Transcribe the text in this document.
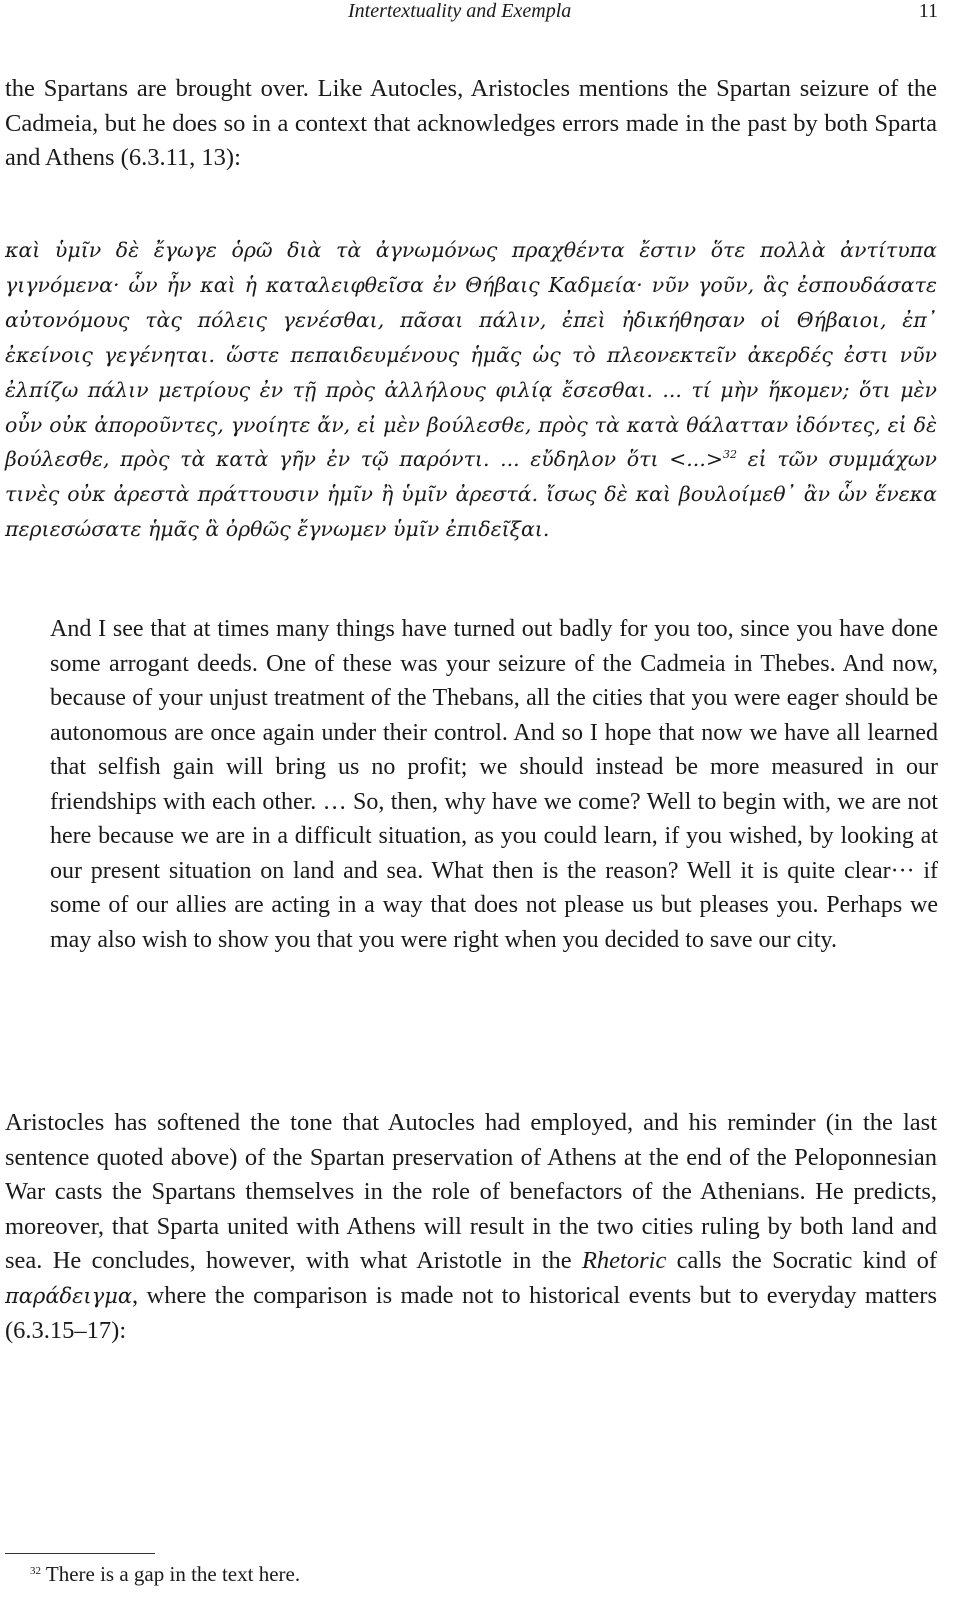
Intertextuality and Exempla	11

the Spartans are brought over. Like Autocles, Aristocles mentions the Spartan seizure of the Cadmeia, but he does so in a context that acknowledges errors made in the past by both Sparta and Athens (6.3.11, 13):

καὶ ὑμῖν δὲ ἔγωγε ὁρῶ διὰ τὰ ἀγνωμόνως πραχθέντα ἔστιν ὅτε πολλὰ ἀντίτυπα γιγνόμενα· ὧν ἦν καὶ ἡ καταλειφθεῖσα ἐν Θήβαις Καδμεία· νῦν γοῦν, ἃς ἐσπουδάσατε αὐτονόμους τὰς πόλεις γενέσθαι, πᾶσαι πάλιν, ἐπεὶ ἠδικήθησαν οἱ Θήβαιοι, ἐπ᾽ ἐκείνοις γεγένηται. ὥστε πεπαιδευμένους ἡμᾶς ὡς τὸ πλεονεκτεῖν ἀκερδές ἐστι νῦν ἐλπίζω πάλιν μετρίους ἐν τῇ πρὸς ἀλλήλους φιλίᾳ ἔσεσθαι. ... τί μὴν ἥκομεν; ὅτι μὲν οὖν οὐκ ἀποροῦντες, γνοίητε ἄν, εἰ μὲν βούλεσθε, πρὸς τὰ κατὰ θάλατταν ἰδόντες, εἰ δὲ βούλεσθε, πρὸς τὰ κατὰ γῆν ἐν τῷ παρόντι. ... εὔδηλον ὅτι <...>$^{32}$ εἰ τῶν συμμάχων τινὲς οὐκ ἀρεστὰ πράττουσιν ἡμῖν ἢ ὑμῖν ἀρεστά. ἴσως δὲ καὶ βουλοίμεθ᾽ ἂν ὧν ἕνεκα περιεσώσατε ἡμᾶς ἃ ὀρθῶς ἔγνωμεν ὑμῖν ἐπιδεῖξαι.

And I see that at times many things have turned out badly for you too, since you have done some arrogant deeds. One of these was your seizure of the Cadmeia in Thebes. And now, because of your unjust treatment of the Thebans, all the cities that you were eager should be autonomous are once again under their control. And so I hope that now we have all learned that selfish gain will bring us no profit; we should instead be more measured in our friendships with each other. … So, then, why have we come? Well to begin with, we are not here because we are in a difficult situation, as you could learn, if you wished, by looking at our present situation on land and sea. What then is the reason? Well it is quite clear··· if some of our allies are acting in a way that does not please us but pleases you. Perhaps we may also wish to show you that you were right when you decided to save our city.

Aristocles has softened the tone that Autocles had employed, and his reminder (in the last sentence quoted above) of the Spartan preservation of Athens at the end of the Peloponnesian War casts the Spartans themselves in the role of benefactors of the Athenians. He predicts, moreover, that Sparta united with Athens will result in the two cities ruling by both land and sea. He concludes, however, with what Aristotle in the Rhetoric calls the Socratic kind of παράδειγμα, where the comparison is made not to historical events but to everyday matters (6.3.15–17):

$^{32}$ There is a gap in the text here.
